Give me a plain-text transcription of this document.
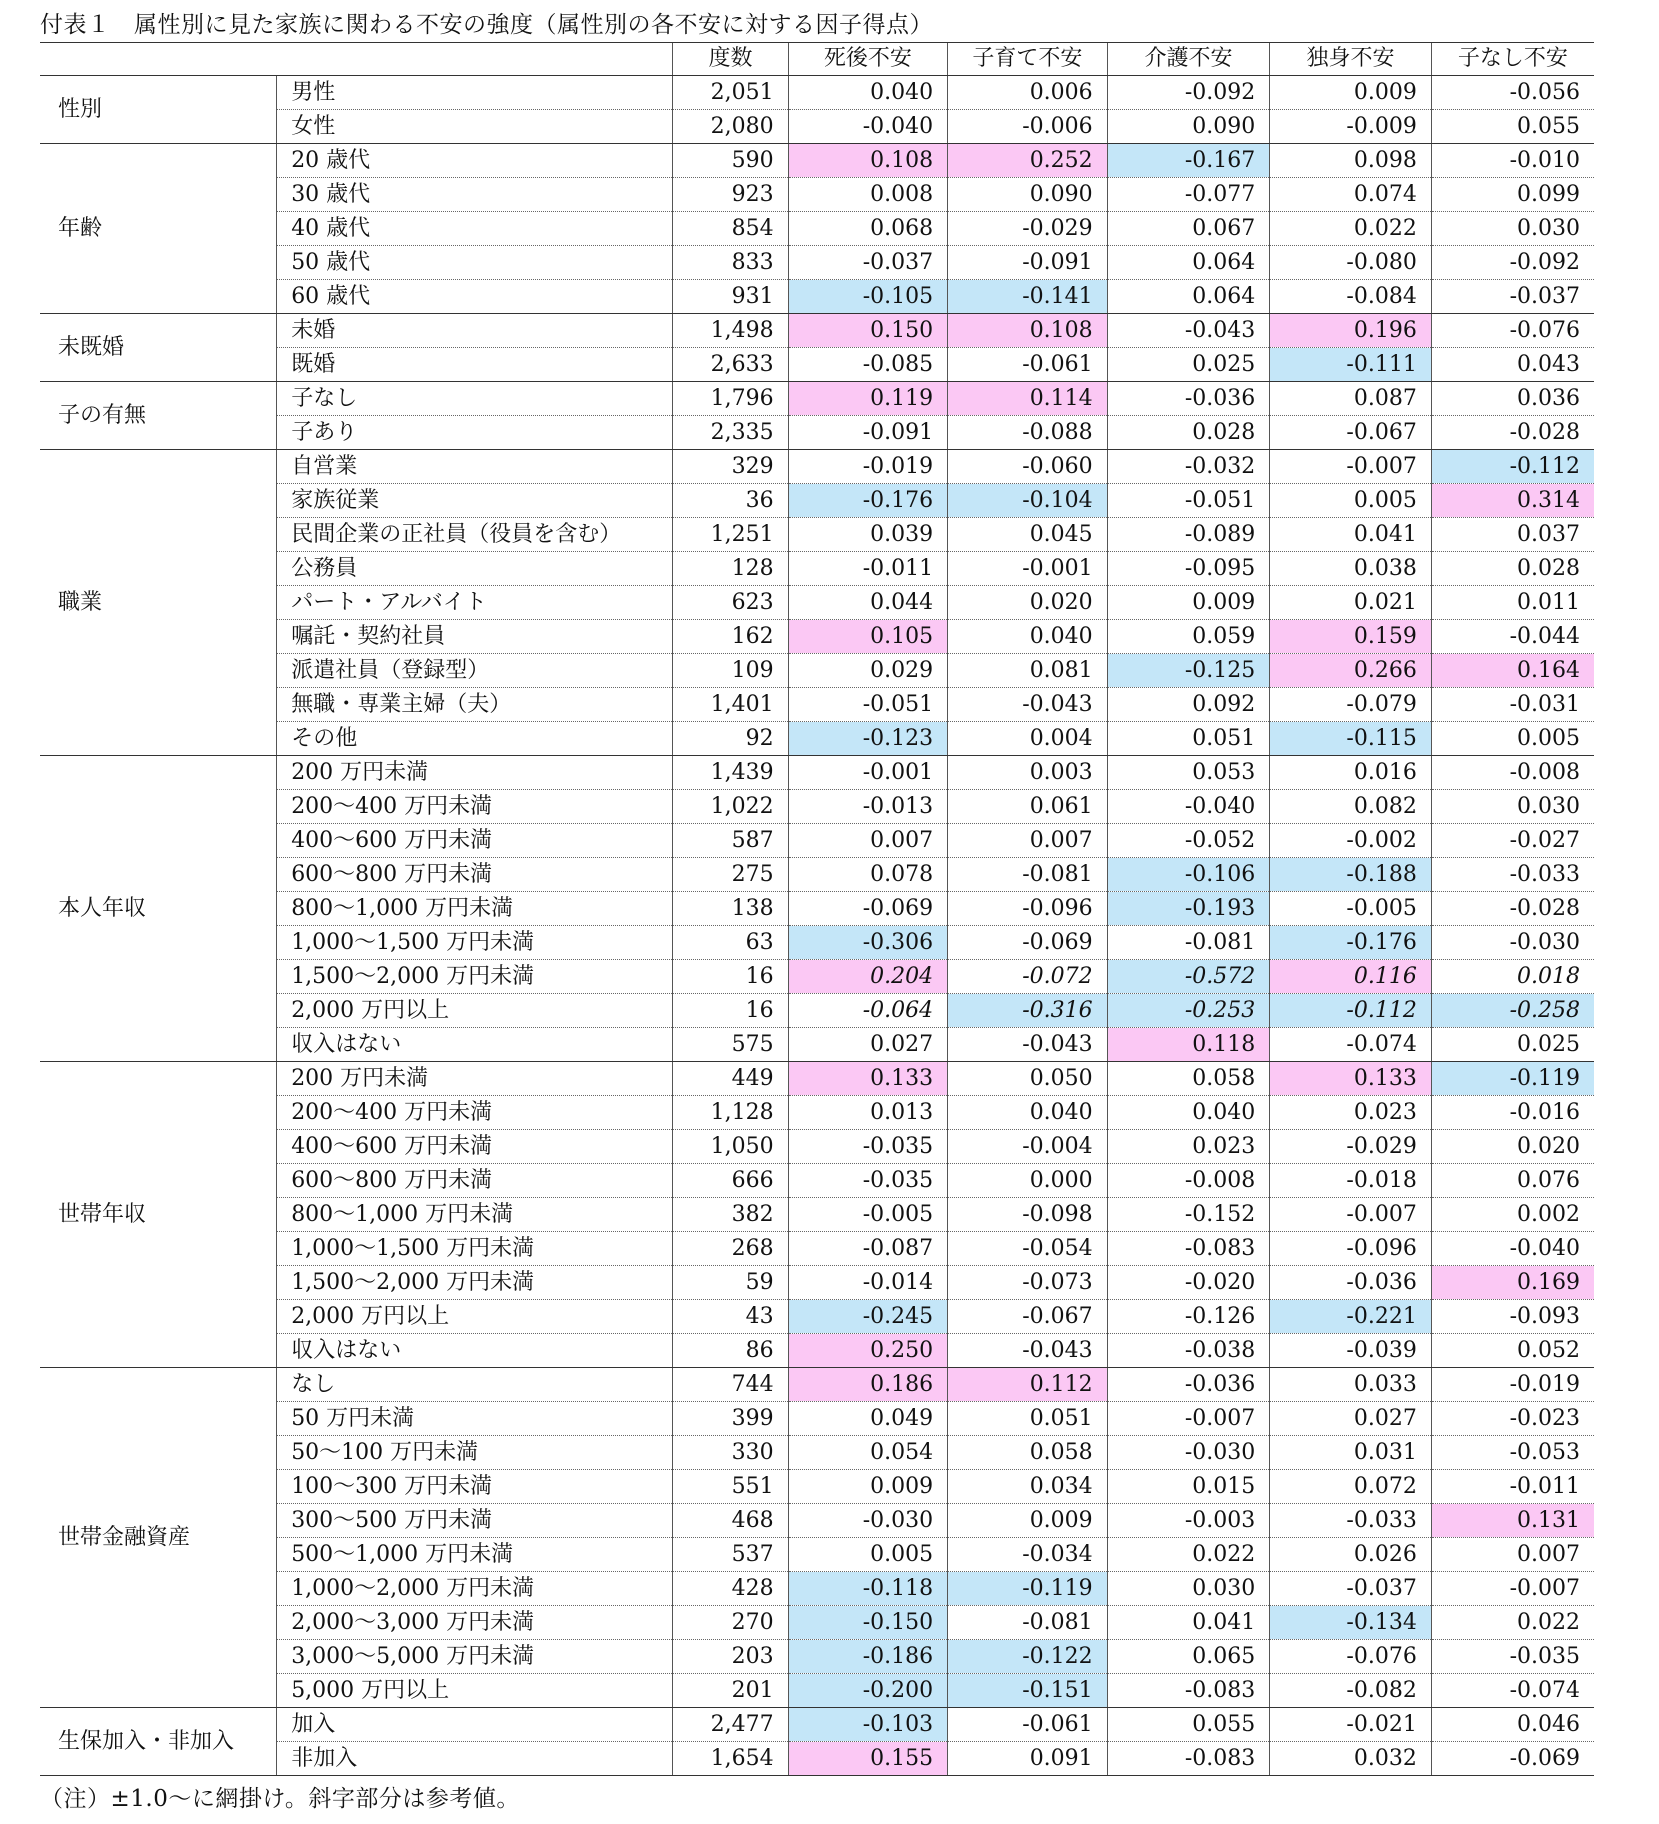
付表１　属性別に見た家族に関わる不安の強度（属性別の各不安に対する因子得点）
		度数	死後不安	子育て不安	介護不安	独身不安	子なし不安
性別	男性	2,051	0.040	0.006	-0.092	0.009	-0.056
	女性	2,080	-0.040	-0.006	0.090	-0.009	0.055
年齢	20 歳代	590	0.108	0.252	-0.167	0.098	-0.010
	30 歳代	923	0.008	0.090	-0.077	0.074	0.099
	40 歳代	854	0.068	-0.029	0.067	0.022	0.030
	50 歳代	833	-0.037	-0.091	0.064	-0.080	-0.092
	60 歳代	931	-0.105	-0.141	0.064	-0.084	-0.037
未既婚	未婚	1,498	0.150	0.108	-0.043	0.196	-0.076
	既婚	2,633	-0.085	-0.061	0.025	-0.111	0.043
子の有無	子なし	1,796	0.119	0.114	-0.036	0.087	0.036
	子あり	2,335	-0.091	-0.088	0.028	-0.067	-0.028
職業	自営業	329	-0.019	-0.060	-0.032	-0.007	-0.112
	家族従業	36	-0.176	-0.104	-0.051	0.005	0.314
	民間企業の正社員（役員を含む）	1,251	0.039	0.045	-0.089	0.041	0.037
	公務員	128	-0.011	-0.001	-0.095	0.038	0.028
	パート・アルバイト	623	0.044	0.020	0.009	0.021	0.011
	嘱託・契約社員	162	0.105	0.040	0.059	0.159	-0.044
	派遣社員（登録型）	109	0.029	0.081	-0.125	0.266	0.164
	無職・専業主婦（夫）	1,401	-0.051	-0.043	0.092	-0.079	-0.031
	その他	92	-0.123	0.004	0.051	-0.115	0.005
本人年収	200 万円未満	1,439	-0.001	0.003	0.053	0.016	-0.008
	200～400 万円未満	1,022	-0.013	0.061	-0.040	0.082	0.030
	400～600 万円未満	587	0.007	0.007	-0.052	-0.002	-0.027
	600～800 万円未満	275	0.078	-0.081	-0.106	-0.188	-0.033
	800～1,000 万円未満	138	-0.069	-0.096	-0.193	-0.005	-0.028
	1,000～1,500 万円未満	63	-0.306	-0.069	-0.081	-0.176	-0.030
	1,500～2,000 万円未満	16	0.204	-0.072	-0.572	0.116	0.018
	2,000 万円以上	16	-0.064	-0.316	-0.253	-0.112	-0.258
	収入はない	575	0.027	-0.043	0.118	-0.074	0.025
世帯年収	200 万円未満	449	0.133	0.050	0.058	0.133	-0.119
	200～400 万円未満	1,128	0.013	0.040	0.040	0.023	-0.016
	400～600 万円未満	1,050	-0.035	-0.004	0.023	-0.029	0.020
	600～800 万円未満	666	-0.035	0.000	-0.008	-0.018	0.076
	800～1,000 万円未満	382	-0.005	-0.098	-0.152	-0.007	0.002
	1,000～1,500 万円未満	268	-0.087	-0.054	-0.083	-0.096	-0.040
	1,500～2,000 万円未満	59	-0.014	-0.073	-0.020	-0.036	0.169
	2,000 万円以上	43	-0.245	-0.067	-0.126	-0.221	-0.093
	収入はない	86	0.250	-0.043	-0.038	-0.039	0.052
世帯金融資産	なし	744	0.186	0.112	-0.036	0.033	-0.019
	50 万円未満	399	0.049	0.051	-0.007	0.027	-0.023
	50～100 万円未満	330	0.054	0.058	-0.030	0.031	-0.053
	100～300 万円未満	551	0.009	0.034	0.015	0.072	-0.011
	300～500 万円未満	468	-0.030	0.009	-0.003	-0.033	0.131
	500～1,000 万円未満	537	0.005	-0.034	0.022	0.026	0.007
	1,000～2,000 万円未満	428	-0.118	-0.119	0.030	-0.037	-0.007
	2,000～3,000 万円未満	270	-0.150	-0.081	0.041	-0.134	0.022
	3,000～5,000 万円未満	203	-0.186	-0.122	0.065	-0.076	-0.035
	5,000 万円以上	201	-0.200	-0.151	-0.083	-0.082	-0.074
生保加入・非加入	加入	2,477	-0.103	-0.061	0.055	-0.021	0.046
	非加入	1,654	0.155	0.091	-0.083	0.032	-0.069
（注）±1.0～に網掛け。斜字部分は参考値。
